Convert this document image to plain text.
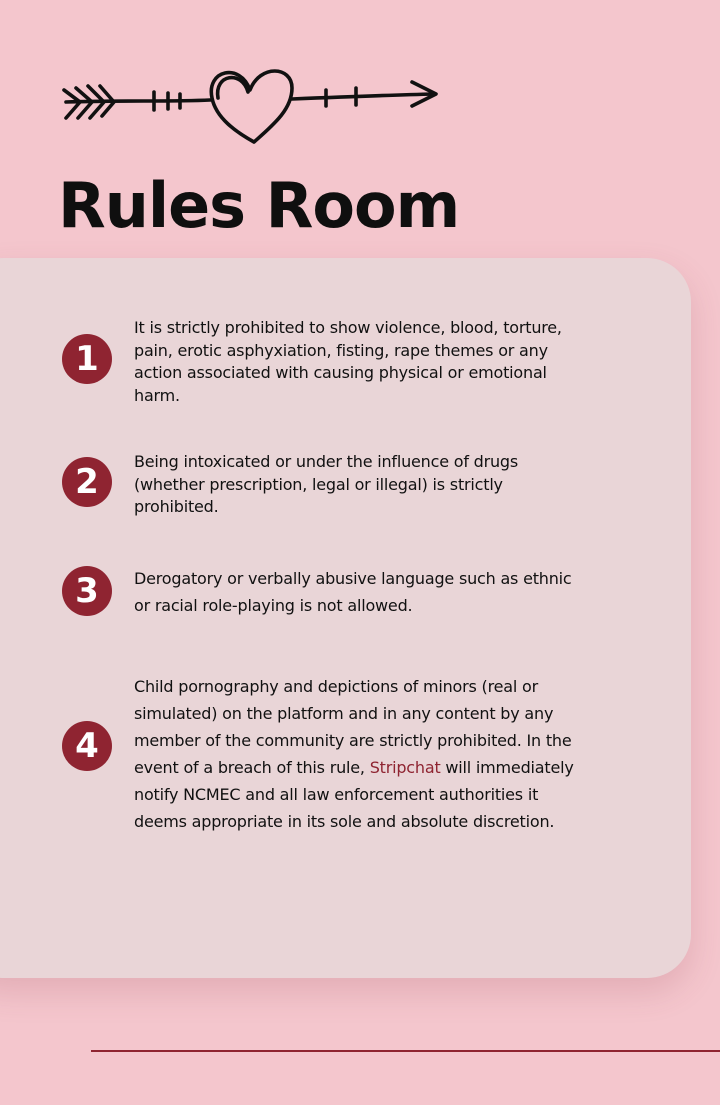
Rules Room
1

It is strictly prohibited to show violence, blood, torture, pain, erotic asphyxiation, fisting, rape themes or any action associated with causing physical or emotional harm.

2

Being intoxicated or under the influence of drugs (whether prescription, legal or illegal) is strictly prohibited.

3	Derogatory or verbally abusive language such as ethnic or racial role-playing is not allowed.

4

Child pornography and depictions of minors (real or simulated) on the platform and in any content by any member of the community are strictly prohibited. In the event of a breach of this rule, Stripchat will immediately notify NCMEC and all law enforcement authorities it deems appropriate in its sole and absolute discretion.
